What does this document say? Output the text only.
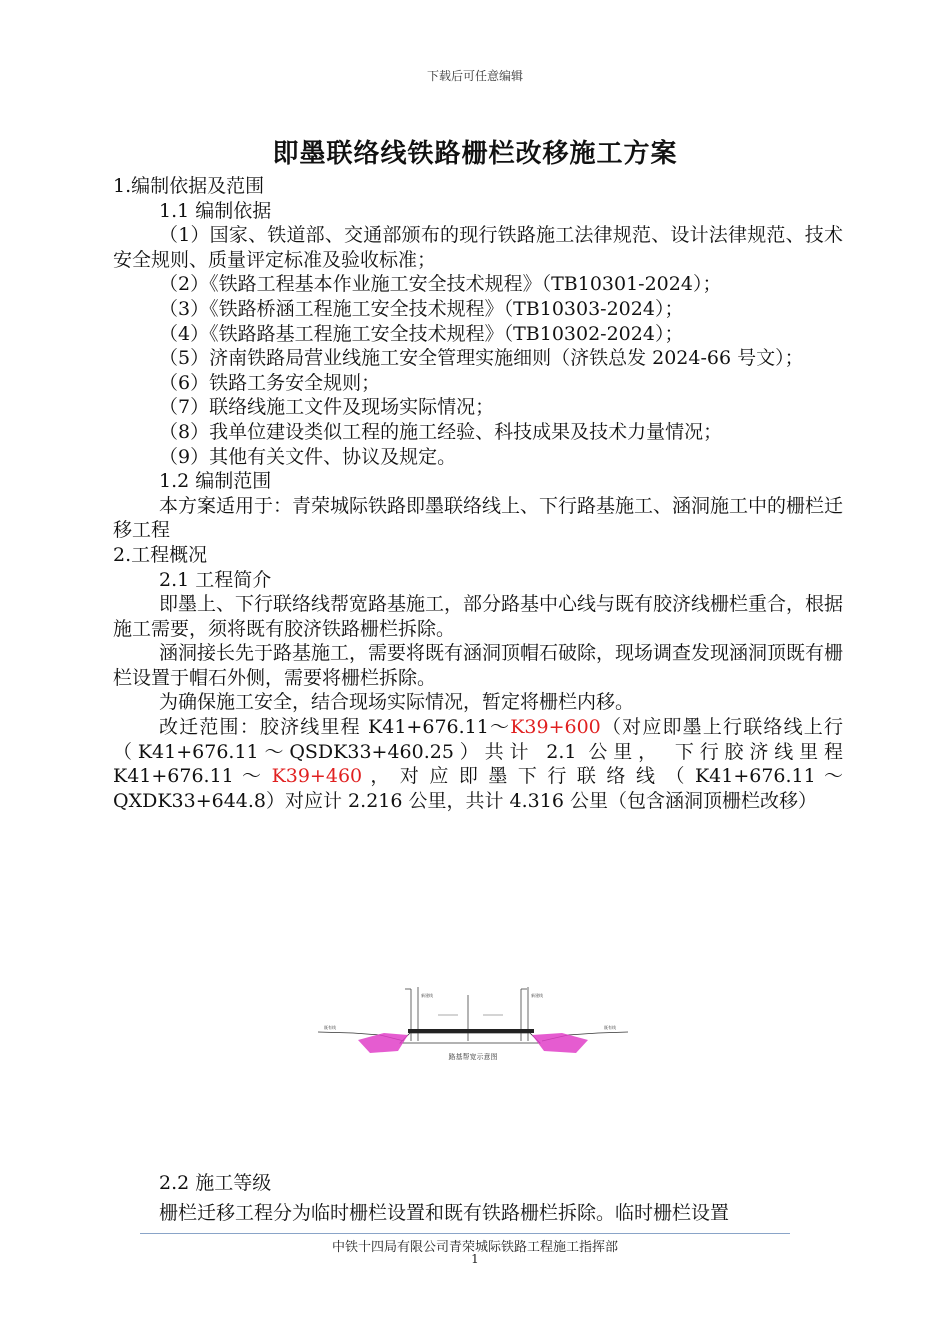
下载后可任意编辑
即墨联络线铁路栅栏改移施工方案

1.编制依据及范围

1.1 编制依据

（1）国家、铁道部、交通部颁布的现行铁路施工法律规范、设计法律规范、技术安全规则、质量评定标准及验收标准；

（2）《铁路工程基本作业施工安全技术规程》（TB10301-2024）；

（3）《铁路桥涵工程施工安全技术规程》（TB10303-2024）；

（4）《铁路路基工程施工安全技术规程》（TB10302-2024）；

（5）济南铁路局营业线施工安全管理实施细则（济铁总发 2024-66 号文）；

（6）铁路工务安全规则；

（7）联络线施工文件及现场实际情况；

（8）我单位建设类似工程的施工经验、科技成果及技术力量情况；

（9）其他有关文件、协议及规定。

1.2 编制范围

本方案适用于：青荣城际铁路即墨联络线上、下行路基施工、涵洞施工中的栅栏迁移工程

2.工程概况

2.1 工程简介

即墨上、下行联络线帮宽路基施工，部分路基中心线与既有胶济线栅栏重合，根据施工需要，须将既有胶济铁路栅栏拆除。

涵洞接长先于路基施工，需要将既有涵洞顶帽石破除，现场调查发现涵洞顶既有栅栏设置于帽石外侧，需要将栅栏拆除。

为确保施工安全，结合现场实际情况，暂定将栅栏内移。

改迁范围：胶济线里程 K41+676.11～K39+600（对应即墨上行联络线上行（K41+676.11～QSDK33+460.25）共计 2.1 公里， 下行胶济线里程 K41+676.11 ～ K39+460 ， 对 应 即 墨 下 行 联 络 线 （ K41+676.11 ～ QXDK33+644.8）对应计 2.216 公里，共计 4.316 公里（包含涵洞顶栅栏改移）

新建线	新建线
既有线	既有线
路基帮宽示意图

2.2 施工等级

栅栏迁移工程分为临时栅栏设置和既有铁路栅栏拆除。临时栅栏设置

中铁十四局有限公司青荣城际铁路工程施工指挥部
1
